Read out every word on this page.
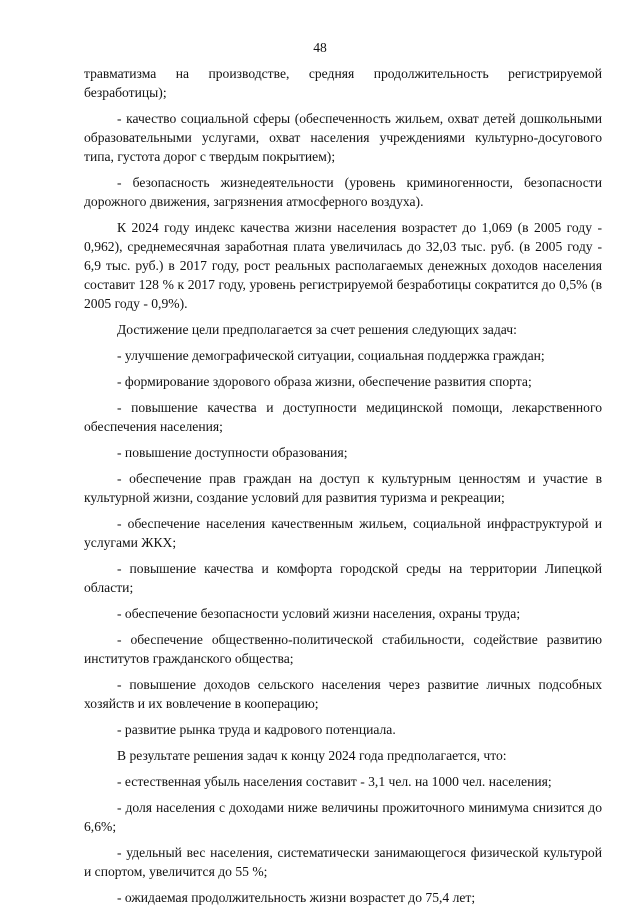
48

травматизма на производстве, средняя продолжительность регистрируемой безработицы);

- качество социальной сферы (обеспеченность жильем, охват детей дошкольными образовательными услугами, охват населения учреждениями культурно-досугового типа, густота дорог с твердым покрытием);

- безопасность жизнедеятельности (уровень криминогенности, безопасности дорожного движения, загрязнения атмосферного воздуха).

К 2024 году индекс качества жизни населения возрастет до 1,069 (в 2005 году - 0,962), среднемесячная заработная плата увеличилась до 32,03 тыс. руб. (в 2005 году - 6,9 тыс. руб.) в 2017 году, рост реальных располагаемых денежных доходов населения составит 128 % к 2017 году, уровень регистрируемой безработицы сократится до 0,5% (в 2005 году - 0,9%).

Достижение цели предполагается за счет решения следующих задач:

- улучшение демографической ситуации, социальная поддержка граждан;

- формирование здорового образа жизни, обеспечение развития спорта;

- повышение качества и доступности медицинской помощи, лекарственного обеспечения населения;

- повышение доступности образования;

- обеспечение прав граждан на доступ к культурным ценностям и участие в культурной жизни, создание условий для развития туризма и рекреации;

- обеспечение населения качественным жильем, социальной инфраструктурой и услугами ЖКХ;

- повышение качества и комфорта городской среды на территории Липецкой области;

- обеспечение безопасности условий жизни населения, охраны труда;

- обеспечение общественно-политической стабильности, содействие развитию институтов гражданского общества;

- повышение доходов сельского населения через развитие личных подсобных хозяйств и их вовлечение в кооперацию;

- развитие рынка труда и кадрового потенциала.

В результате решения задач к концу 2024 года предполагается, что:

- естественная убыль населения составит - 3,1 чел. на 1000 чел. населения;

- доля населения с доходами ниже величины прожиточного минимума снизится до 6,6%;

- удельный вес населения, систематически занимающегося физической культурой и спортом, увеличится до 55 %;

- ожидаемая продолжительность жизни возрастет до 75,4 лет;
